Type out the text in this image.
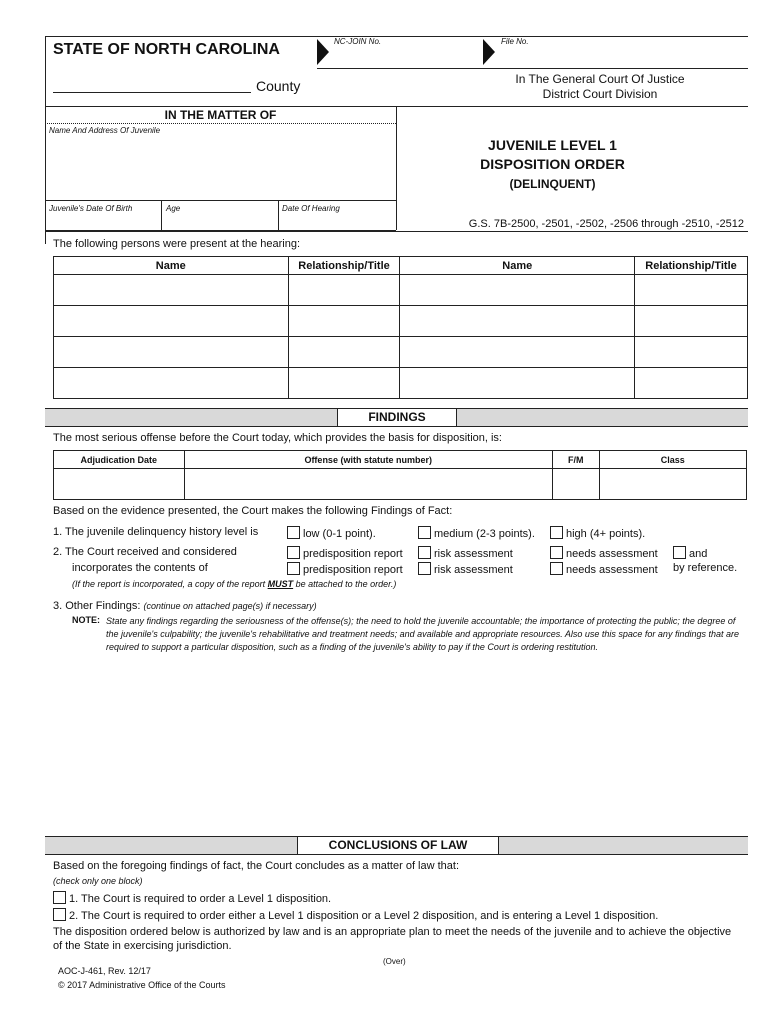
STATE OF NORTH CAROLINA	NC-JOIN No.	File No.
County	In The General Court Of Justice
District Court Division
IN THE MATTER OF
Name And Address Of Juvenile
Juvenile's Date Of Birth	Age	Date Of Hearing
JUVENILE LEVEL 1
DISPOSITION ORDER
(DELINQUENT)
G.S. 7B-2500, -2501, -2502, -2506 through -2510, -2512
The following persons were present at the hearing:
Name	Relationship/Title	Name	Relationship/Title

FINDINGS
The most serious offense before the Court today, which provides the basis for disposition, is:
Adjudication Date	Offense (with statute number)	F/M	Class

Based on the evidence presented, the Court makes the following Findings of Fact:
1. The juvenile delinquency history level is	low (0-1 point).	medium (2-3 points).	high (4+ points).
2. The Court received and considered
incorporates the contents of
predisposition report	risk assessment	needs assessment	and
predisposition report	risk assessment	needs assessment by reference.
(If the report is incorporated, a copy of the report MUST be attached to the order.)
3. Other Findings: (continue on attached page(s) if necessary)
NOTE: State any findings regarding the seriousness of the offense(s); the need to hold the juvenile accountable; the importance of protecting the public; the degree of the juvenile's culpability; the juvenile's rehabilitative and treatment needs; and available and appropriate resources. Also use this space for any findings that are required to support a particular disposition, such as a finding of the juvenile's ability to pay if the Court is ordering restitution.
CONCLUSIONS OF LAW
Based on the foregoing findings of fact, the Court concludes as a matter of law that:
(check only one block)
1. The Court is required to order a Level 1 disposition.
2. The Court is required to order either a Level 1 disposition or a Level 2 disposition, and is entering a Level 1 disposition.
The disposition ordered below is authorized by law and is an appropriate plan to meet the needs of the juvenile and to achieve the objective of the State in exercising jurisdiction.
(Over)
AOC-J-461, Rev. 12/17
© 2017 Administrative Office of the Courts
